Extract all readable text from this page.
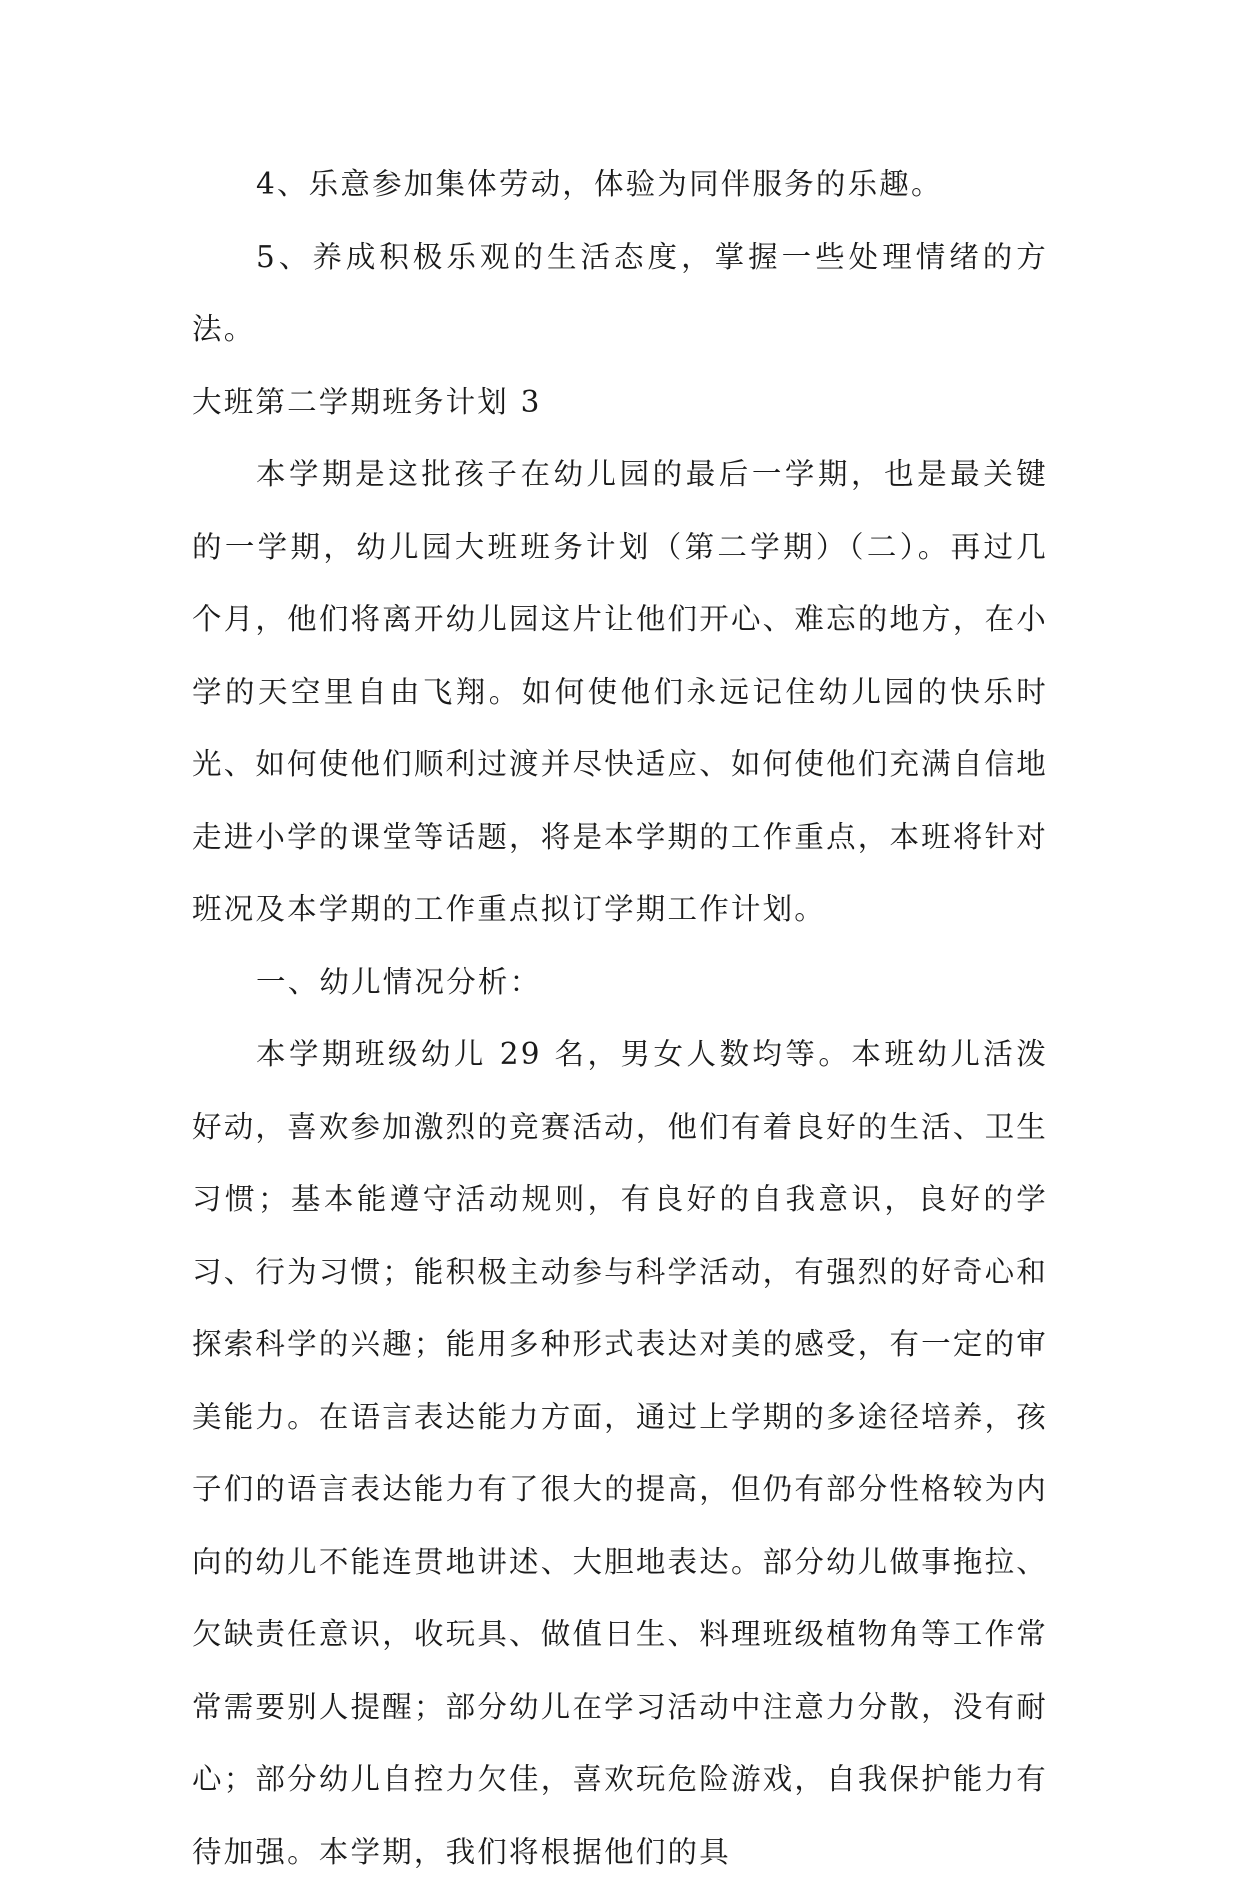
4、乐意参加集体劳动，体验为同伴服务的乐趣。

5、养成积极乐观的生活态度，掌握一些处理情绪的方法。

大班第二学期班务计划 3

本学期是这批孩子在幼儿园的最后一学期，也是最关键的一学期，幼儿园大班班务计划（第二学期）（二）。再过几个月，他们将离开幼儿园这片让他们开心、难忘的地方，在小学的天空里自由飞翔。如何使他们永远记住幼儿园的快乐时光、如何使他们顺利过渡并尽快适应、如何使他们充满自信地走进小学的课堂等话题，将是本学期的工作重点，本班将针对班况及本学期的工作重点拟订学期工作计划。

一、幼儿情况分析：

本学期班级幼儿 29 名，男女人数均等。本班幼儿活泼好动，喜欢参加激烈的竞赛活动，他们有着良好的生活、卫生习惯；基本能遵守活动规则，有良好的自我意识，良好的学习、行为习惯；能积极主动参与科学活动，有强烈的好奇心和探索科学的兴趣；能用多种形式表达对美的感受，有一定的审美能力。在语言表达能力方面，通过上学期的多途径培养，孩子们的语言表达能力有了很大的提高，但仍有部分性格较为内向的幼儿不能连贯地讲述、大胆地表达。部分幼儿做事拖拉、欠缺责任意识，收玩具、做值日生、料理班级植物角等工作常常需要别人提醒；部分幼儿在学习活动中注意力分散，没有耐心；部分幼儿自控力欠佳，喜欢玩危险游戏，自我保护能力有待加强。本学期，我们将根据他们的具
